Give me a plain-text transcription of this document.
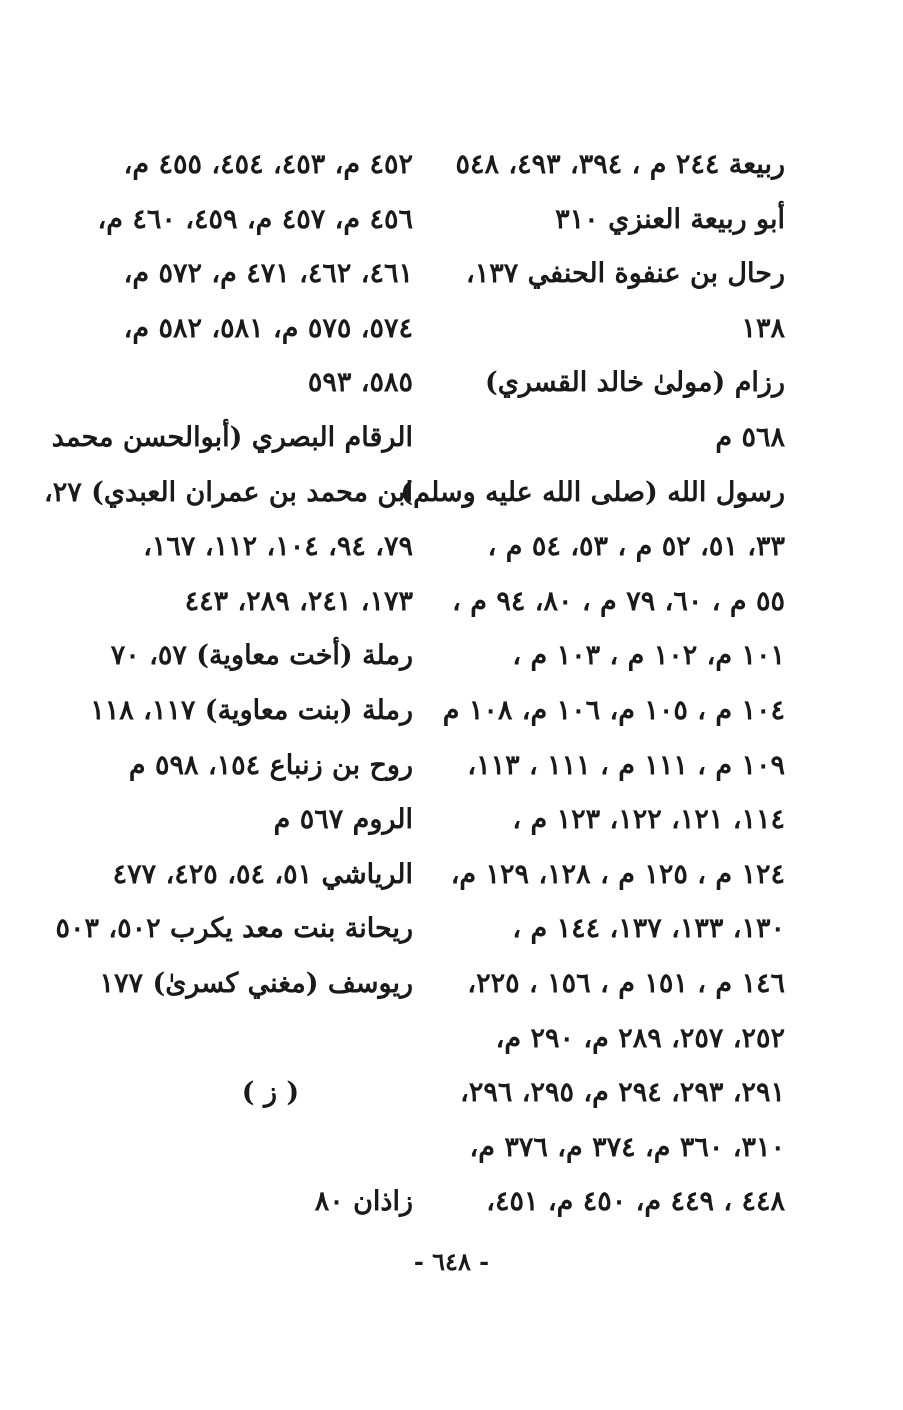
ربيعة ٢٤٤ م ، ٣٩٤، ٤٩٣، ٥٤٨
أبو ربيعة العنزي ٣١٠
رحال بن عنفوة الحنفي ١٣٧،
١٣٨
رزام (مولىٰ خالد القسري)
٥٦٨ م
رسول الله (صلى الله عليه وسلم)
٣٣، ٥١، ٥٢ م ، ٥٣، ٥٤ م ،
٥٥ م ، ٦٠، ٧٩ م ، ٨٠، ٩٤ م ،
١٠١ م، ١٠٢ م ، ١٠٣ م ،
١٠٤ م ، ١٠٥ م، ١٠٦ م، ١٠٨ م
١٠٩ م ، ١١١ م ، ١١١ ، ١١٣،
١١٤، ١٢١، ١٢٢، ١٢٣ م ،
١٢٤ م ، ١٢٥ م ، ١٢٨، ١٢٩ م،
١٣٠، ١٣٣، ١٣٧، ١٤٤ م ،
١٤٦ م ، ١٥١ م ، ١٥٦ ، ٢٢٥،
٢٥٢، ٢٥٧، ٢٨٩ م، ٢٩٠ م،
٢٩١، ٢٩٣، ٢٩٤ م، ٢٩٥، ٢٩٦،
٣١٠، ٣٦٠ م، ٣٧٤ م، ٣٧٦ م،
٤٤٨ ، ٤٤٩ م، ٤٥٠ م، ٤٥١،
٤٥٢ م، ٤٥٣، ٤٥٤، ٤٥٥ م،
٤٥٦ م، ٤٥٧ م، ٤٥٩، ٤٦٠ م،
٤٦١، ٤٦٢، ٤٧١ م، ٥٧٢ م،
٥٧٤، ٥٧٥ م، ٥٨١، ٥٨٢ م،
٥٨٥، ٥٩٣
الرقام البصري (أبوالحسن محمد
ابن محمد بن عمران العبدي) ٢٧،
٧٩، ٩٤، ١٠٤، ١١٢، ١٦٧،
١٧٣، ٢٤١، ٢٨٩، ٤٤٣
رملة (أخت معاوية) ٥٧، ٧٠
رملة (بنت معاوية) ١١٧، ١١٨
روح بن زنباع ١٥٤، ٥٩٨ م
الروم ٥٦٧ م
الرياشي ٥١، ٥٤، ٤٢٥، ٤٧٧
ريحانة بنت معد يكرب ٥٠٢، ٥٠٣
ريوسف (مغني كسرىٰ) ١٧٧
( ز )
زاذان ٨٠
- ٦٤٨ -
